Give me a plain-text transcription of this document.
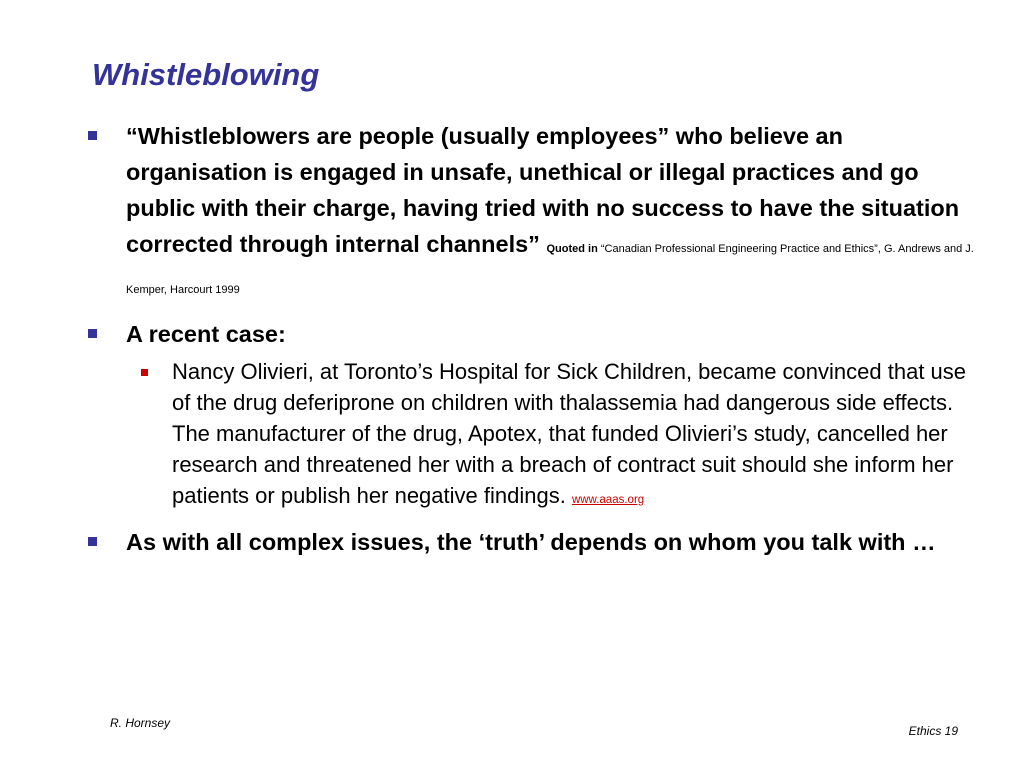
Whistleblowing
“Whistleblowers are people (usually employees” who believe an organisation is engaged in unsafe, unethical or illegal practices and go public with their charge, having tried with no success to have the situation corrected through internal channels” Quoted in “Canadian Professional Engineering Practice and Ethics”, G. Andrews and J. Kemper, Harcourt 1999
A recent case:
Nancy Olivieri, at Toronto’s Hospital for Sick Children, became convinced that use of the drug deferiprone on children with thalassemia had dangerous side effects. The manufacturer of the drug, Apotex, that funded Olivieri’s study, cancelled her research and threatened her with a breach of contract suit should she inform her patients or publish her negative findings. www.aaas.org
As with all complex issues, the ‘truth’ depends on whom you talk with …
R. Hornsey
Ethics 19
